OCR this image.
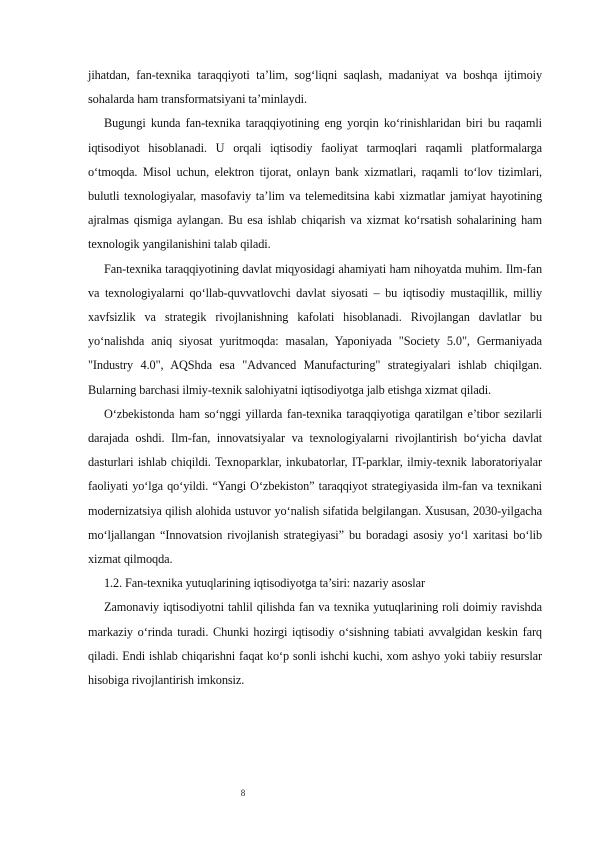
jihatdan, fan-texnika taraqqiyoti ta’lim, sog‘liqni saqlash, madaniyat va boshqa ijtimoiy sohalarda ham transformatsiyani ta’minlaydi.

Bugungi kunda fan-texnika taraqqiyotining eng yorqin ko‘rinishlaridan biri bu raqamli iqtisodiyot hisoblanadi. U orqali iqtisodiy faoliyat tarmoqlari raqamli platformalarga o‘tmoqda. Misol uchun, elektron tijorat, onlayn bank xizmatlari, raqamli to‘lov tizimlari, bulutli texnologiyalar, masofaviy ta’lim va telemeditsina kabi xizmatlar jamiyat hayotining ajralmas qismiga aylangan. Bu esa ishlab chiqarish va xizmat ko‘rsatish sohalarining ham texnologik yangilanishini talab qiladi.

Fan-texnika taraqqiyotining davlat miqyosidagi ahamiyati ham nihoyatda muhim. Ilm-fan va texnologiyalarni qo‘llab-quvvatlovchi davlat siyosati – bu iqtisodiy mustaqillik, milliy xavfsizlik va strategik rivojlanishning kafolati hisoblanadi. Rivojlangan davlatlar bu yo‘nalishda aniq siyosat yuritmoqda: masalan, Yaponiyada "Society 5.0", Germaniyada "Industry 4.0", AQShda esa "Advanced Manufacturing" strategiyalari ishlab chiqilgan. Bularning barchasi ilmiy-texnik salohiyatni iqtisodiyotga jalb etishga xizmat qiladi.

O‘zbekistonda ham so‘nggi yillarda fan-texnika taraqqiyotiga qaratilgan e’tibor sezilarli darajada oshdi. Ilm-fan, innovatsiyalar va texnologiyalarni rivojlantirish bo‘yicha davlat dasturlari ishlab chiqildi. Texnoparklar, inkubatorlar, IT-parklar, ilmiy-texnik laboratoriyalar faoliyati yo‘lga qo‘yildi. “Yangi O‘zbekiston” taraqqiyot strategiyasida ilm-fan va texnikani modernizatsiya qilish alohida ustuvor yo‘nalish sifatida belgilangan. Xususan, 2030-yilgacha mo‘ljallangan “Innovatsion rivojlanish strategiyasi” bu boradagi asosiy yo‘l xaritasi bo‘lib xizmat qilmoqda.

1.2. Fan-texnika yutuqlarining iqtisodiyotga ta’siri: nazariy asoslar

Zamonaviy iqtisodiyotni tahlil qilishda fan va texnika yutuqlarining roli doimiy ravishda markaziy o‘rinda turadi. Chunki hozirgi iqtisodiy o‘sishning tabiati avvalgidan keskin farq qiladi. Endi ishlab chiqarishni faqat ko‘p sonli ishchi kuchi, xom ashyo yoki tabiiy resurslar hisobiga rivojlantirish imkonsiz.

8
